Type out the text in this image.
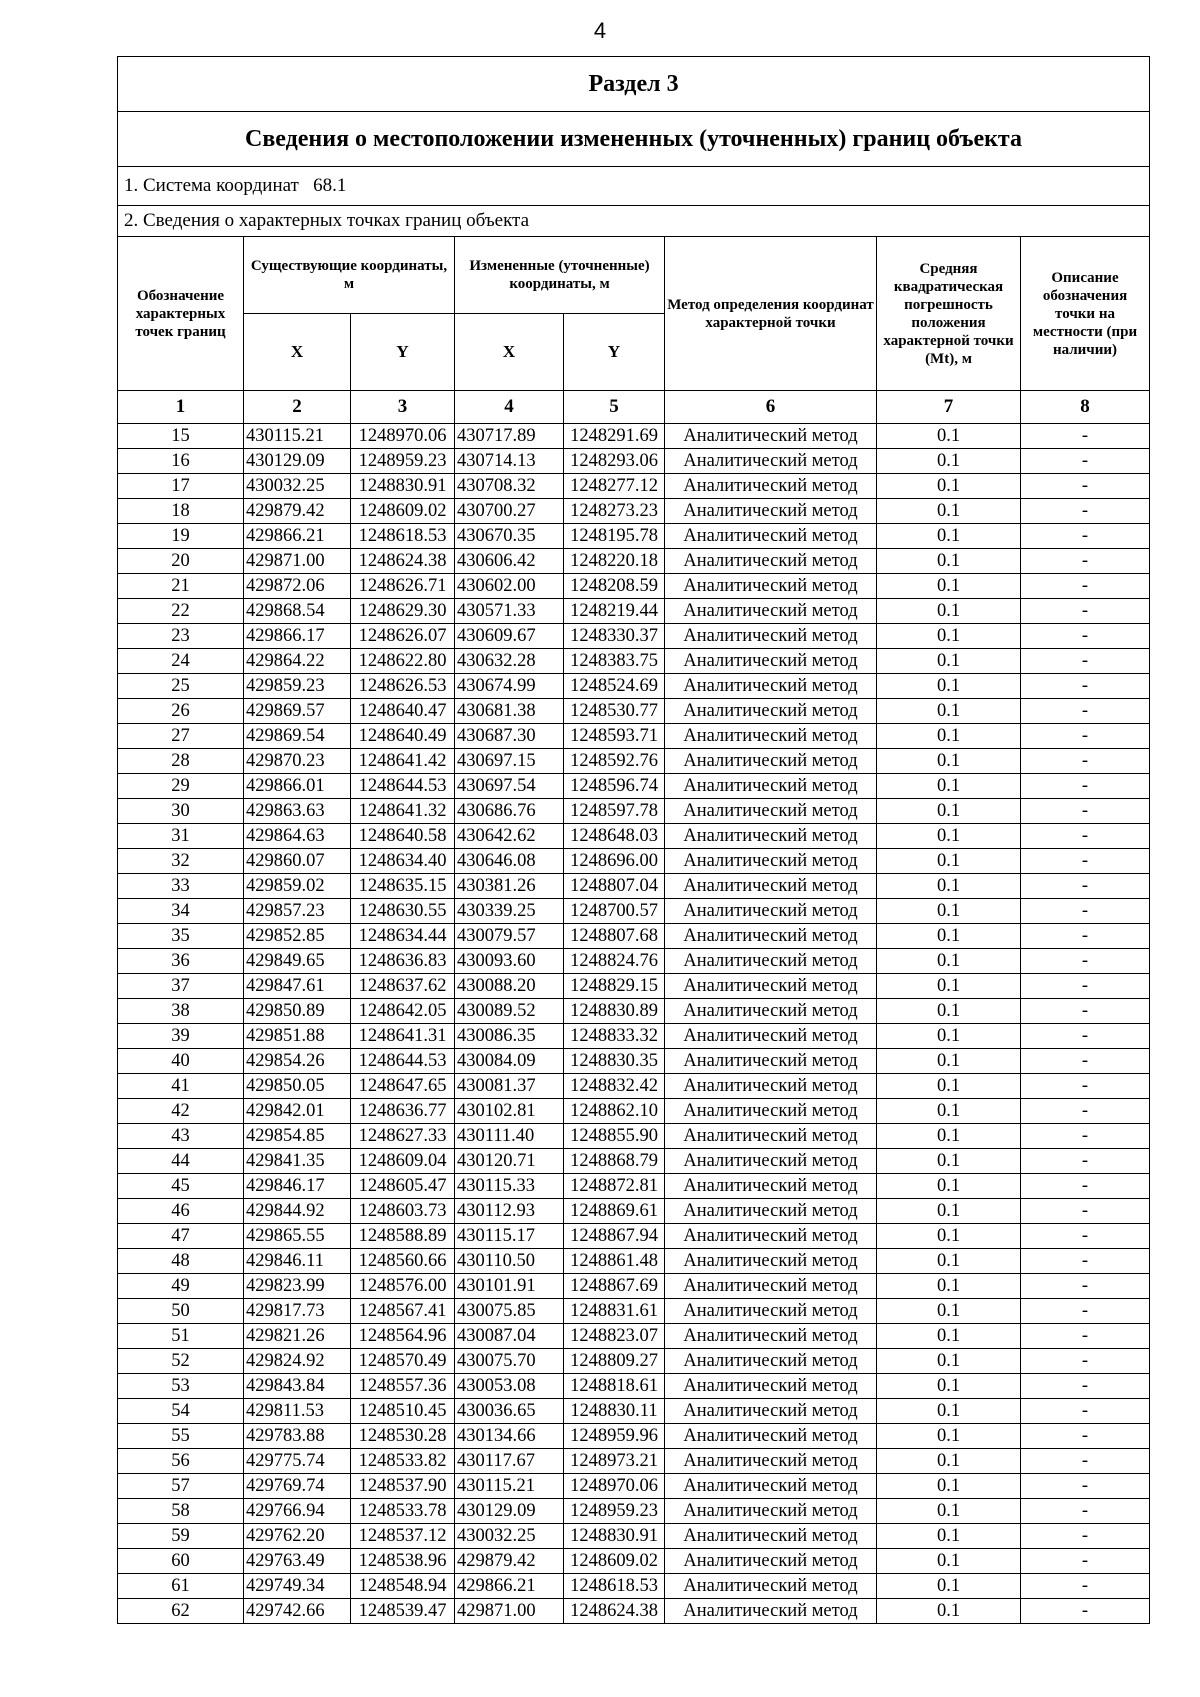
4
Раздел 3							
Сведения о местоположении измененных (уточненных) границ объекта							
1. Система координат   68.1							
2. Сведения о характерных точках границ объекта							
Обозначение характерных точек границ	Существующие координаты, м		Измененные (уточненные) координаты, м		Метод определения координат характерной точки	Средняя квадратическая погрешность положения характерной точки (Mt), м	Описание обозначения точки на местности (при наличии)
	X	Y	X	Y			
1	2	3	4	5	6	7	8
15	430115.21	1248970.06	430717.89	1248291.69	Аналитический метод	0.1	-
16	430129.09	1248959.23	430714.13	1248293.06	Аналитический метод	0.1	-
17	430032.25	1248830.91	430708.32	1248277.12	Аналитический метод	0.1	-
18	429879.42	1248609.02	430700.27	1248273.23	Аналитический метод	0.1	-
19	429866.21	1248618.53	430670.35	1248195.78	Аналитический метод	0.1	-
20	429871.00	1248624.38	430606.42	1248220.18	Аналитический метод	0.1	-
21	429872.06	1248626.71	430602.00	1248208.59	Аналитический метод	0.1	-
22	429868.54	1248629.30	430571.33	1248219.44	Аналитический метод	0.1	-
23	429866.17	1248626.07	430609.67	1248330.37	Аналитический метод	0.1	-
24	429864.22	1248622.80	430632.28	1248383.75	Аналитический метод	0.1	-
25	429859.23	1248626.53	430674.99	1248524.69	Аналитический метод	0.1	-
26	429869.57	1248640.47	430681.38	1248530.77	Аналитический метод	0.1	-
27	429869.54	1248640.49	430687.30	1248593.71	Аналитический метод	0.1	-
28	429870.23	1248641.42	430697.15	1248592.76	Аналитический метод	0.1	-
29	429866.01	1248644.53	430697.54	1248596.74	Аналитический метод	0.1	-
30	429863.63	1248641.32	430686.76	1248597.78	Аналитический метод	0.1	-
31	429864.63	1248640.58	430642.62	1248648.03	Аналитический метод	0.1	-
32	429860.07	1248634.40	430646.08	1248696.00	Аналитический метод	0.1	-
33	429859.02	1248635.15	430381.26	1248807.04	Аналитический метод	0.1	-
34	429857.23	1248630.55	430339.25	1248700.57	Аналитический метод	0.1	-
35	429852.85	1248634.44	430079.57	1248807.68	Аналитический метод	0.1	-
36	429849.65	1248636.83	430093.60	1248824.76	Аналитический метод	0.1	-
37	429847.61	1248637.62	430088.20	1248829.15	Аналитический метод	0.1	-
38	429850.89	1248642.05	430089.52	1248830.89	Аналитический метод	0.1	-
39	429851.88	1248641.31	430086.35	1248833.32	Аналитический метод	0.1	-
40	429854.26	1248644.53	430084.09	1248830.35	Аналитический метод	0.1	-
41	429850.05	1248647.65	430081.37	1248832.42	Аналитический метод	0.1	-
42	429842.01	1248636.77	430102.81	1248862.10	Аналитический метод	0.1	-
43	429854.85	1248627.33	430111.40	1248855.90	Аналитический метод	0.1	-
44	429841.35	1248609.04	430120.71	1248868.79	Аналитический метод	0.1	-
45	429846.17	1248605.47	430115.33	1248872.81	Аналитический метод	0.1	-
46	429844.92	1248603.73	430112.93	1248869.61	Аналитический метод	0.1	-
47	429865.55	1248588.89	430115.17	1248867.94	Аналитический метод	0.1	-
48	429846.11	1248560.66	430110.50	1248861.48	Аналитический метод	0.1	-
49	429823.99	1248576.00	430101.91	1248867.69	Аналитический метод	0.1	-
50	429817.73	1248567.41	430075.85	1248831.61	Аналитический метод	0.1	-
51	429821.26	1248564.96	430087.04	1248823.07	Аналитический метод	0.1	-
52	429824.92	1248570.49	430075.70	1248809.27	Аналитический метод	0.1	-
53	429843.84	1248557.36	430053.08	1248818.61	Аналитический метод	0.1	-
54	429811.53	1248510.45	430036.65	1248830.11	Аналитический метод	0.1	-
55	429783.88	1248530.28	430134.66	1248959.96	Аналитический метод	0.1	-
56	429775.74	1248533.82	430117.67	1248973.21	Аналитический метод	0.1	-
57	429769.74	1248537.90	430115.21	1248970.06	Аналитический метод	0.1	-
58	429766.94	1248533.78	430129.09	1248959.23	Аналитический метод	0.1	-
59	429762.20	1248537.12	430032.25	1248830.91	Аналитический метод	0.1	-
60	429763.49	1248538.96	429879.42	1248609.02	Аналитический метод	0.1	-
61	429749.34	1248548.94	429866.21	1248618.53	Аналитический метод	0.1	-
62	429742.66	1248539.47	429871.00	1248624.38	Аналитический метод	0.1	-
